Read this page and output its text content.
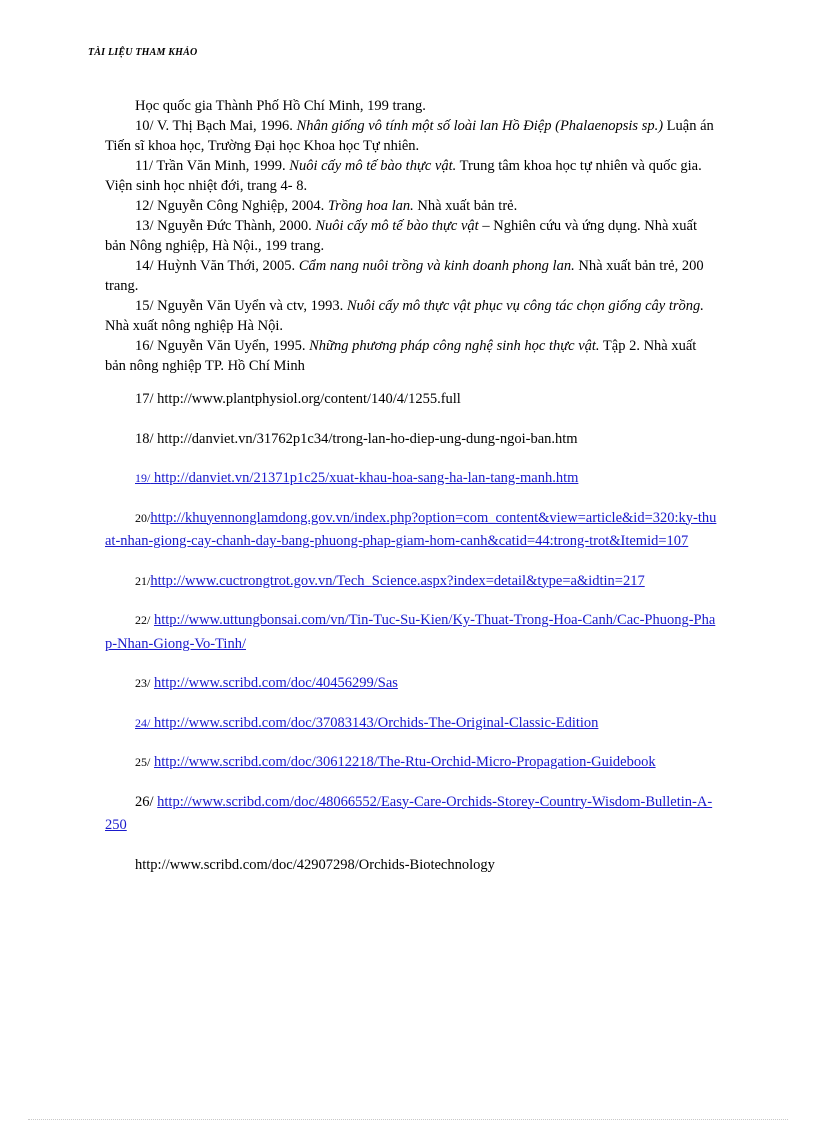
TÀI LIỆU THAM KHẢO

Học quốc gia Thành Phố Hồ Chí Minh, 199 trang.

10/ V. Thị Bạch Mai, 1996. Nhân giống vô tính một số loài lan Hồ Điệp (Phalaenopsis sp.) Luận án Tiến sĩ khoa học, Trường Đại học Khoa học Tự nhiên.

11/ Trần Văn Minh, 1999. Nuôi cấy mô tế bào thực vật. Trung tâm khoa học tự nhiên và quốc gia. Viện sinh học nhiệt đới, trang 4- 8.

12/ Nguyễn Công Nghiệp, 2004. Trồng hoa lan. Nhà xuất bản trẻ.

13/ Nguyễn Đức Thành, 2000. Nuôi cấy mô tế bào thực vật – Nghiên cứu và ứng dụng. Nhà xuất bản Nông nghiệp, Hà Nội., 199 trang.

14/ Huỳnh Văn Thới, 2005. Cẩm nang nuôi trồng và kinh doanh phong lan. Nhà xuất bản trẻ, 200 trang.

15/ Nguyễn Văn Uyển và ctv, 1993. Nuôi cấy mô thực vật phục vụ công tác chọn giống cây trồng. Nhà xuất nông nghiệp Hà Nội.

16/ Nguyễn Văn Uyển, 1995. Những phương pháp công nghệ sinh học thực vật. Tập 2. Nhà xuất bản nông nghiệp TP. Hồ Chí Minh

17/ http://www.plantphysiol.org/content/140/4/1255.full

18/ http://danviet.vn/31762p1c34/trong-lan-ho-diep-ung-dung-ngoi-ban.htm

19/ http://danviet.vn/21371p1c25/xuat-khau-hoa-sang-ha-lan-tang-manh.htm

20/http://khuyennonglamdong.gov.vn/index.php?option=com_content&view=article&id=320:ky-thuat-nhan-giong-cay-chanh-day-bang-phuong-phap-giam-hom-canh&catid=44:trong-trot&Itemid=107

21/http://www.cuctrongtrot.gov.vn/Tech_Science.aspx?index=detail&type=a&idtin=217

22/ http://www.uttungbonsai.com/vn/Tin-Tuc-Su-Kien/Ky-Thuat-Trong-Hoa-Canh/Cac-Phuong-Phap-Nhan-Giong-Vo-Tinh/

23/ http://www.scribd.com/doc/40456299/Sas

24/ http://www.scribd.com/doc/37083143/Orchids-The-Original-Classic-Edition

25/ http://www.scribd.com/doc/30612218/The-Rtu-Orchid-Micro-Propagation-Guidebook

26/ http://www.scribd.com/doc/48066552/Easy-Care-Orchids-Storey-Country-Wisdom-Bulletin-A-250

http://www.scribd.com/doc/42907298/Orchids-Biotechnology
